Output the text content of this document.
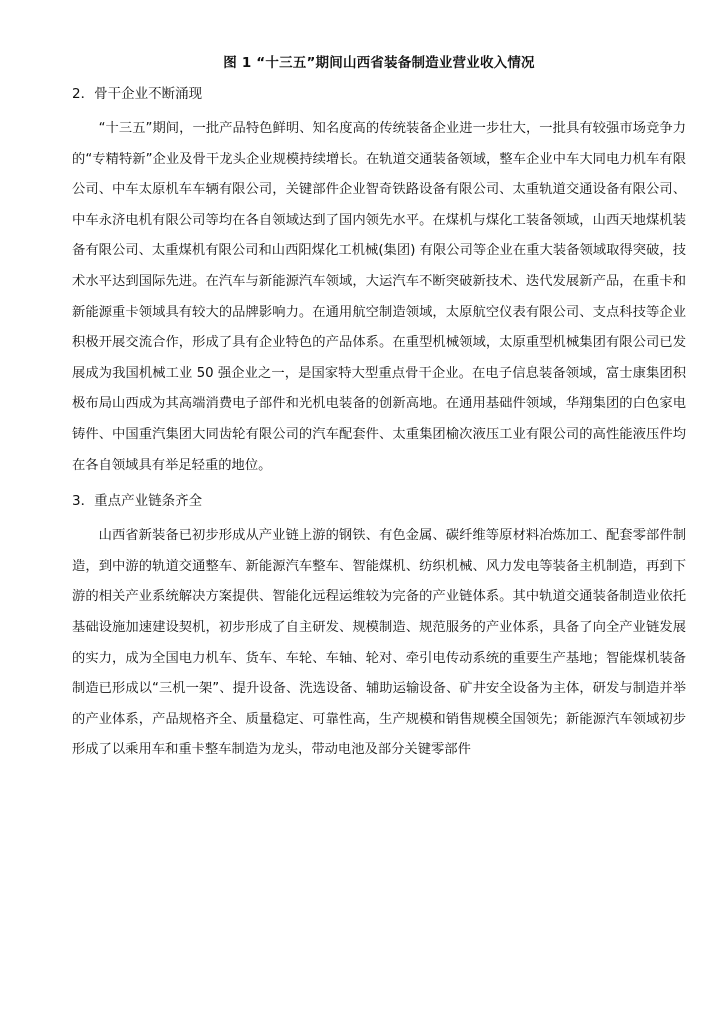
图 1 “十三五”期间山西省装备制造业营业收入情况
2．骨干企业不断涌现

“十三五”期间，一批产品特色鲜明、知名度高的传统装备企业进一步壮大，一批具有较强市场竞争力的“专精特新”企业及骨干龙头企业规模持续增长。在轨道交通装备领域，整车企业中车大同电力机车有限公司、中车太原机车车辆有限公司，关键部件企业智奇铁路设备有限公司、太重轨道交通设备有限公司、中车永济电机有限公司等均在各自领域达到了国内领先水平。在煤机与煤化工装备领域，山西天地煤机装备有限公司、太重煤机有限公司和山西阳煤化工机械(集团) 有限公司等企业在重大装备领域取得突破，技术水平达到国际先进。在汽车与新能源汽车领域，大运汽车不断突破新技术、迭代发展新产品，在重卡和新能源重卡领域具有较大的品牌影响力。在通用航空制造领域，太原航空仪表有限公司、支点科技等企业积极开展交流合作，形成了具有企业特色的产品体系。在重型机械领域，太原重型机械集团有限公司已发展成为我国机械工业 50 强企业之一，是国家特大型重点骨干企业。在电子信息装备领域，富士康集团积极布局山西成为其高端消费电子部件和光机电装备的创新高地。在通用基础件领域，华翔集团的白色家电铸件、中国重汽集团大同齿轮有限公司的汽车配套件、太重集团榆次液压工业有限公司的高性能液压件均在各自领域具有举足轻重的地位。

3．重点产业链条齐全

山西省新装备已初步形成从产业链上游的钢铁、有色金属、碳纤维等原材料冶炼加工、配套零部件制造，到中游的轨道交通整车、新能源汽车整车、智能煤机、纺织机械、风力发电等装备主机制造，再到下游的相关产业系统解决方案提供、智能化远程运维较为完备的产业链体系。其中轨道交通装备制造业依托基础设施加速建设契机，初步形成了自主研发、规模制造、规范服务的产业体系，具备了向全产业链发展的实力，成为全国电力机车、货车、车轮、车轴、轮对、牵引电传动系统的重要生产基地；智能煤机装备制造已形成以“三机一架”、提升设备、洗选设备、辅助运输设备、矿井安全设备为主体，研发与制造并举的产业体系，产品规格齐全、质量稳定、可靠性高，生产规模和销售规模全国领先；新能源汽车领域初步形成了以乘用车和重卡整车制造为龙头，带动电池及部分关键零部件
